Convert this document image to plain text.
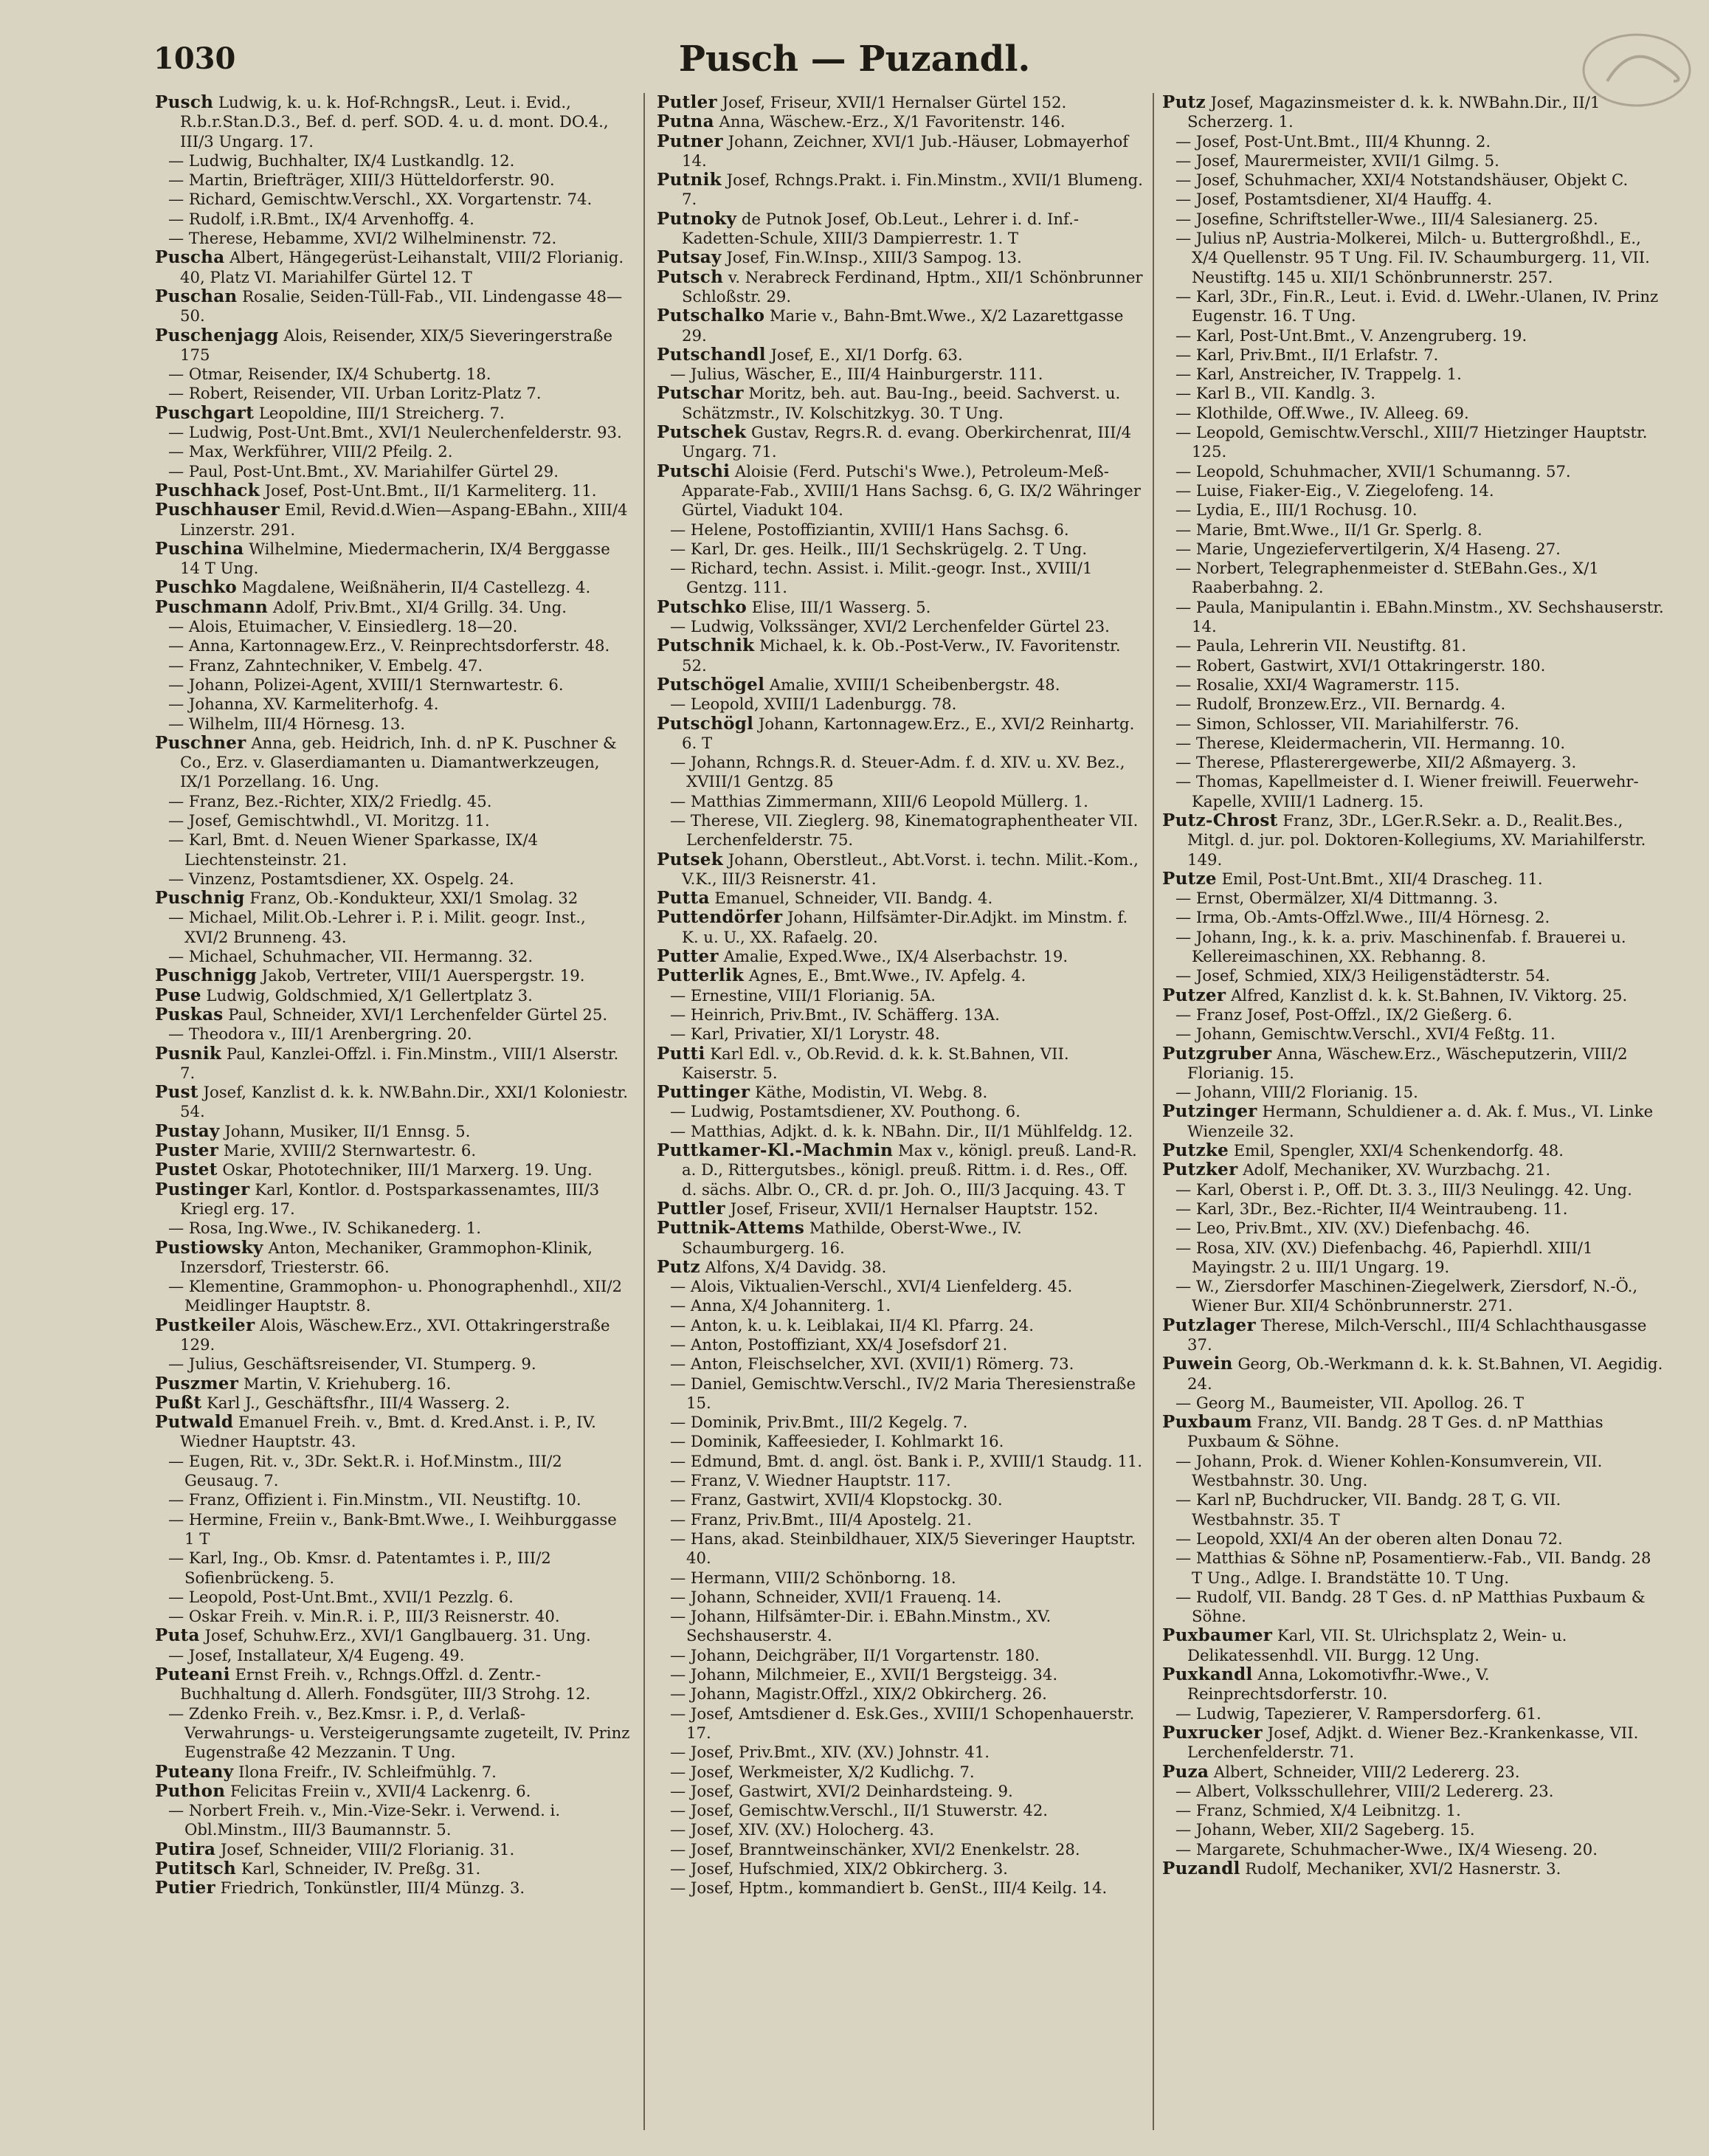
1030	Pusch — Puzandl.

Pusch Ludwig, k. u. k. Hof-RchngsR., Leut. i. Evid., R.b.r.Stan.D.3., Bef. d. perf. SOD. 4. u. d. mont. DO.4., III/3 Ungarg. 17.

— Ludwig, Buchhalter, IX/4 Lustkandlg. 12.

— Martin, Briefträger, XIII/3 Hütteldorferstr. 90.

— Richard, Gemischtw.Verschl., XX. Vorgartenstr. 74.

— Rudolf, i.R.Bmt., IX/4 Arvenhoffg. 4.

— Therese, Hebamme, XVI/2 Wilhelminenstr. 72.

Puscha Albert, Hängegerüst-Leihanstalt, VIII/2 Florianig. 40, Platz VI. Mariahilfer Gürtel 12. T

Puschan Rosalie, Seiden-Tüll-Fab., VII. Lindengasse 48—50.

Puschenjagg Alois, Reisender, XIX/5 Sieveringerstraße 175

— Otmar, Reisender, IX/4 Schubertg. 18.

— Robert, Reisender, VII. Urban Loritz-Platz 7.

Puschgart Leopoldine, III/1 Streicherg. 7.

— Ludwig, Post-Unt.Bmt., XVI/1 Neulerchenfelderstr. 93.

— Max, Werkführer, VIII/2 Pfeilg. 2.

— Paul, Post-Unt.Bmt., XV. Mariahilfer Gürtel 29.

Puschhack Josef, Post-Unt.Bmt., II/1 Karmeliterg. 11.

Puschhauser Emil, Revid.d.Wien—Aspang-EBahn., XIII/4 Linzerstr. 291.

Puschina Wilhelmine, Miedermacherin, IX/4 Berggasse 14 T Ung.

Puschko Magdalene, Weißnäherin, II/4 Castellezg. 4.

Puschmann Adolf, Priv.Bmt., XI/4 Grillg. 34. Ung.

— Alois, Etuimacher, V. Einsiedlerg. 18—20.

— Anna, Kartonnagew.Erz., V. Reinprechtsdorferstr. 48.

— Franz, Zahntechniker, V. Embelg. 47.

— Johann, Polizei-Agent, XVIII/1 Sternwartestr. 6.

— Johanna, XV. Karmeliterhofg. 4.

— Wilhelm, III/4 Hörnesg. 13.

Puschner Anna, geb. Heidrich, Inh. d. nP K. Puschner & Co., Erz. v. Glaserdiamanten u. Diamantwerkzeugen, IX/1 Porzellang. 16. Ung.

— Franz, Bez.-Richter, XIX/2 Friedlg. 45.

— Josef, Gemischtwhdl., VI. Moritzg. 11.

— Karl, Bmt. d. Neuen Wiener Sparkasse, IX/4 Liechtensteinstr. 21.

— Vinzenz, Postamtsdiener, XX. Ospelg. 24.

Puschnig Franz, Ob.-Kondukteur, XXI/1 Smolag. 32

— Michael, Milit.Ob.-Lehrer i. P. i. Milit. geogr. Inst., XVI/2 Brunneng. 43.

— Michael, Schuhmacher, VII. Hermanng. 32.

Puschnigg Jakob, Vertreter, VIII/1 Auerspergstr. 19.

Puse Ludwig, Goldschmied, X/1 Gellertplatz 3.

Puskas Paul, Schneider, XVI/1 Lerchenfelder Gürtel 25.

— Theodora v., III/1 Arenbergring. 20.

Pusnik Paul, Kanzlei-Offzl. i. Fin.Minstm., VIII/1 Alserstr. 7.

Pust Josef, Kanzlist d. k. k. NW.Bahn.Dir., XXI/1 Koloniestr. 54.

Pustay Johann, Musiker, II/1 Ennsg. 5.

Puster Marie, XVIII/2 Sternwartestr. 6.

Pustet Oskar, Phototechniker, III/1 Marxerg. 19. Ung.

Pustinger Karl, Kontlor. d. Postsparkassenamtes, III/3 Kriegl erg. 17.

— Rosa, Ing.Wwe., IV. Schikanederg. 1.

Pustiowsky Anton, Mechaniker, Grammophon-Klinik, Inzersdorf, Triesterstr. 66.

— Klementine, Grammophon- u. Phonographenhdl., XII/2 Meidlinger Hauptstr. 8.

Pustkeiler Alois, Wäschew.Erz., XVI. Ottakringerstraße 129.

— Julius, Geschäftsreisender, VI. Stumperg. 9.

Puszmer Martin, V. Kriehuberg. 16.

Pußt Karl J., Geschäftsfhr., III/4 Wasserg. 2.

Putwald Emanuel Freih. v., Bmt. d. Kred.Anst. i. P., IV. Wiedner Hauptstr. 43.

— Eugen, Rit. v., 3Dr. Sekt.R. i. Hof.Minstm., III/2 Geusaug. 7.

— Franz, Offizient i. Fin.Minstm., VII. Neustiftg. 10.

— Hermine, Freiin v., Bank-Bmt.Wwe., I. Weihburggasse 1 T

— Karl, Ing., Ob. Kmsr. d. Patentamtes i. P., III/2 Sofienbrückeng. 5.

— Leopold, Post-Unt.Bmt., XVII/1 Pezzlg. 6.

— Oskar Freih. v. Min.R. i. P., III/3 Reisnerstr. 40.

Puta Josef, Schuhw.Erz., XVI/1 Ganglbauerg. 31. Ung.

— Josef, Installateur, X/4 Eugeng. 49.

Puteani Ernst Freih. v., Rchngs.Offzl. d. Zentr.-Buchhaltung d. Allerh. Fondsgüter, III/3 Strohg. 12.

— Zdenko Freih. v., Bez.Kmsr. i. P., d. Verlaß-Verwahrungs- u. Versteigerungsamte zugeteilt, IV. Prinz Eugenstraße 42 Mezzanin. T Ung.

Puteany Ilona Freifr., IV. Schleifmühlg. 7.

Puthon Felicitas Freiin v., XVII/4 Lackenrg. 6.

— Norbert Freih. v., Min.-Vize-Sekr. i. Verwend. i. Obl.Minstm., III/3 Baumannstr. 5.

Putira Josef, Schneider, VIII/2 Florianig. 31.

Putitsch Karl, Schneider, IV. Preßg. 31.

Putier Friedrich, Tonkünstler, III/4 Münzg. 3.

Putler Josef, Friseur, XVII/1 Hernalser Gürtel 152.

Putna Anna, Wäschew.-Erz., X/1 Favoritenstr. 146.

Putner Johann, Zeichner, XVI/1 Jub.-Häuser, Lobmayerhof 14.

Putnik Josef, Rchngs.Prakt. i. Fin.Minstm., XVII/1 Blumeng. 7.

Putnoky de Putnok Josef, Ob.Leut., Lehrer i. d. Inf.-Kadetten-Schule, XIII/3 Dampierrestr. 1. T

Putsay Josef, Fin.W.Insp., XIII/3 Sampog. 13.

Putsch v. Nerabreck Ferdinand, Hptm., XII/1 Schönbrunner Schloßstr. 29.

Putschalko Marie v., Bahn-Bmt.Wwe., X/2 Lazarettgasse 29.

Putschandl Josef, E., XI/1 Dorfg. 63.

— Julius, Wäscher, E., III/4 Hainburgerstr. 111.

Putschar Moritz, beh. aut. Bau-Ing., beeid. Sachverst. u. Schätzmstr., IV. Kolschitzkyg. 30. T Ung.

Putschek Gustav, Regrs.R. d. evang. Oberkirchenrat, III/4 Ungarg. 71.

Putschi Aloisie (Ferd. Putschi's Wwe.), Petroleum-Meß-Apparate-Fab., XVIII/1 Hans Sachsg. 6, G. IX/2 Währinger Gürtel, Viadukt 104.

— Helene, Postoffiziantin, XVIII/1 Hans Sachsg. 6.

— Karl, Dr. ges. Heilk., III/1 Sechskrügelg. 2. T Ung.

— Richard, techn. Assist. i. Milit.-geogr. Inst., XVIII/1 Gentzg. 111.

Putschko Elise, III/1 Wasserg. 5.

— Ludwig, Volkssänger, XVI/2 Lerchenfelder Gürtel 23.

Putschnik Michael, k. k. Ob.-Post-Verw., IV. Favoritenstr. 52.

Putschögel Amalie, XVIII/1 Scheibenbergstr. 48.

— Leopold, XVIII/1 Ladenburgg. 78.

Putschögl Johann, Kartonnagew.Erz., E., XVI/2 Reinhartg. 6. T

— Johann, Rchngs.R. d. Steuer-Adm. f. d. XIV. u. XV. Bez., XVIII/1 Gentzg. 85

— Matthias Zimmermann, XIII/6 Leopold Müllerg. 1.

— Therese, VII. Zieglerg. 98, Kinematographentheater VII. Lerchenfelderstr. 75.

Putsek Johann, Oberstleut., Abt.Vorst. i. techn. Milit.-Kom., V.K., III/3 Reisnerstr. 41.

Putta Emanuel, Schneider, VII. Bandg. 4.

Puttendörfer Johann, Hilfsämter-Dir.Adjkt. im Minstm. f. K. u. U., XX. Rafaelg. 20.

Putter Amalie, Exped.Wwe., IX/4 Alserbachstr. 19.

Putterlik Agnes, E., Bmt.Wwe., IV. Apfelg. 4.

— Ernestine, VIII/1 Florianig. 5A.

— Heinrich, Priv.Bmt., IV. Schäfferg. 13A.

— Karl, Privatier, XI/1 Lorystr. 48.

Putti Karl Edl. v., Ob.Revid. d. k. k. St.Bahnen, VII. Kaiserstr. 5.

Puttinger Käthe, Modistin, VI. Webg. 8.

— Ludwig, Postamtsdiener, XV. Pouthong. 6.

— Matthias, Adjkt. d. k. k. NBahn. Dir., II/1 Mühlfeldg. 12.

Puttkamer-Kl.-Machmin Max v., königl. preuß. Land-R. a. D., Rittergutsbes., königl. preuß. Rittm. i. d. Res., Off. d. sächs. Albr. O., CR. d. pr. Joh. O., III/3 Jacquing. 43. T

Puttler Josef, Friseur, XVII/1 Hernalser Hauptstr. 152.

Puttnik-Attems Mathilde, Oberst-Wwe., IV. Schaumburgerg. 16.

Putz Alfons, X/4 Davidg. 38.

— Alois, Viktualien-Verschl., XVI/4 Lienfelderg. 45.

— Anna, X/4 Johanniterg. 1.

— Anton, k. u. k. Leiblakai, II/4 Kl. Pfarrg. 24.

— Anton, Postoffiziant, XX/4 Josefsdorf 21.

— Anton, Fleischselcher, XVI. (XVII/1) Römerg. 73.

— Daniel, Gemischtw.Verschl., IV/2 Maria Theresienstraße 15.

— Dominik, Priv.Bmt., III/2 Kegelg. 7.

— Dominik, Kaffeesieder, I. Kohlmarkt 16.

— Edmund, Bmt. d. angl. öst. Bank i. P., XVIII/1 Staudg. 11.

— Franz, V. Wiedner Hauptstr. 117.

— Franz, Gastwirt, XVII/4 Klopstockg. 30.

— Franz, Priv.Bmt., III/4 Apostelg. 21.

— Hans, akad. Steinbildhauer, XIX/5 Sieveringer Hauptstr. 40.

— Hermann, VIII/2 Schönborng. 18.

— Johann, Schneider, XVII/1 Frauenq. 14.

— Johann, Hilfsämter-Dir. i. EBahn.Minstm., XV. Sechshauserstr. 4.

— Johann, Deichgräber, II/1 Vorgartenstr. 180.

— Johann, Milchmeier, E., XVII/1 Bergsteigg. 34.

— Johann, Magistr.Offzl., XIX/2 Obkircherg. 26.

— Josef, Amtsdiener d. Esk.Ges., XVIII/1 Schopenhauerstr. 17.

— Josef, Priv.Bmt., XIV. (XV.) Johnstr. 41.

— Josef, Werkmeister, X/2 Kudlichg. 7.

— Josef, Gastwirt, XVI/2 Deinhardsteing. 9.

— Josef, Gemischtw.Verschl., II/1 Stuwerstr. 42.

— Josef, XIV. (XV.) Holocherg. 43.

— Josef, Branntweinschänker, XVI/2 Enenkelstr. 28.

— Josef, Hufschmied, XIX/2 Obkircherg. 3.

— Josef, Hptm., kommandiert b. GenSt., III/4 Keilg. 14.

Putz Josef, Magazinsmeister d. k. k. NWBahn.Dir., II/1 Scherzerg. 1.

— Josef, Post-Unt.Bmt., III/4 Khunng. 2.

— Josef, Maurermeister, XVII/1 Gilmg. 5.

— Josef, Schuhmacher, XXI/4 Notstandshäuser, Objekt C.

— Josef, Postamtsdiener, XI/4 Hauffg. 4.

— Josefine, Schriftsteller-Wwe., III/4 Salesianerg. 25.

— Julius nP, Austria-Molkerei, Milch- u. Buttergroßhdl., E., X/4 Quellenstr. 95 T Ung. Fil. IV. Schaumburgerg. 11, VII. Neustiftg. 145 u. XII/1 Schönbrunnerstr. 257.

— Karl, 3Dr., Fin.R., Leut. i. Evid. d. LWehr.-Ulanen, IV. Prinz Eugenstr. 16. T Ung.

— Karl, Post-Unt.Bmt., V. Anzengruberg. 19.

— Karl, Priv.Bmt., II/1 Erlafstr. 7.

— Karl, Anstreicher, IV. Trappelg. 1.

— Karl B., VII. Kandlg. 3.

— Klothilde, Off.Wwe., IV. Alleeg. 69.

— Leopold, Gemischtw.Verschl., XIII/7 Hietzinger Hauptstr. 125.

— Leopold, Schuhmacher, XVII/1 Schumanng. 57.

— Luise, Fiaker-Eig., V. Ziegelofeng. 14.

— Lydia, E., III/1 Rochusg. 10.

— Marie, Bmt.Wwe., II/1 Gr. Sperlg. 8.

— Marie, Ungeziefervertilgerin, X/4 Haseng. 27.

— Norbert, Telegraphenmeister d. StEBahn.Ges., X/1 Raaberbahng. 2.

— Paula, Manipulantin i. EBahn.Minstm., XV. Sechshauserstr. 14.

— Paula, Lehrerin VII. Neustiftg. 81.

— Robert, Gastwirt, XVI/1 Ottakringerstr. 180.

— Rosalie, XXI/4 Wagramerstr. 115.

— Rudolf, Bronzew.Erz., VII. Bernardg. 4.

— Simon, Schlosser, VII. Mariahilferstr. 76.

— Therese, Kleidermacherin, VII. Hermanng. 10.

— Therese, Pflasterergewerbe, XII/2 Aßmayerg. 3.

— Thomas, Kapellmeister d. I. Wiener freiwill. Feuerwehr-Kapelle, XVIII/1 Ladnerg. 15.

Putz-Chrost Franz, 3Dr., LGer.R.Sekr. a. D., Realit.Bes., Mitgl. d. jur. pol. Doktoren-Kollegiums, XV. Mariahilferstr. 149.

Putze Emil, Post-Unt.Bmt., XII/4 Drascheg. 11.

— Ernst, Obermälzer, XI/4 Dittmanng. 3.

— Irma, Ob.-Amts-Offzl.Wwe., III/4 Hörnesg. 2.

— Johann, Ing., k. k. a. priv. Maschinenfab. f. Brauerei u. Kellereimaschinen, XX. Rebhanng. 8.

— Josef, Schmied, XIX/3 Heiligenstädterstr. 54.

Putzer Alfred, Kanzlist d. k. k. St.Bahnen, IV. Viktorg. 25.

— Franz Josef, Post-Offzl., IX/2 Gießerg. 6.

— Johann, Gemischtw.Verschl., XVI/4 Feßtg. 11.

Putzgruber Anna, Wäschew.Erz., Wäscheputzerin, VIII/2 Florianig. 15.

— Johann, VIII/2 Florianig. 15.

Putzinger Hermann, Schuldiener a. d. Ak. f. Mus., VI. Linke Wienzeile 32.

Putzke Emil, Spengler, XXI/4 Schenkendorfg. 48.

Putzker Adolf, Mechaniker, XV. Wurzbachg. 21.

— Karl, Oberst i. P., Off. Dt. 3. 3., III/3 Neulingg. 42. Ung.

— Karl, 3Dr., Bez.-Richter, II/4 Weintraubeng. 11.

— Leo, Priv.Bmt., XIV. (XV.) Diefenbachg. 46.

— Rosa, XIV. (XV.) Diefenbachg. 46, Papierhdl. XIII/1 Mayingstr. 2 u. III/1 Ungarg. 19.

— W., Ziersdorfer Maschinen-Ziegelwerk, Ziersdorf, N.-Ö., Wiener Bur. XII/4 Schönbrunnerstr. 271.

Putzlager Therese, Milch-Verschl., III/4 Schlachthausgasse 37.

Puwein Georg, Ob.-Werkmann d. k. k. St.Bahnen, VI. Aegidig. 24.

— Georg M., Baumeister, VII. Apollog. 26. T

Puxbaum Franz, VII. Bandg. 28 T Ges. d. nP Matthias Puxbaum & Söhne.

— Johann, Prok. d. Wiener Kohlen-Konsumverein, VII. Westbahnstr. 30. Ung.

— Karl nP, Buchdrucker, VII. Bandg. 28 T, G. VII. Westbahnstr. 35. T

— Leopold, XXI/4 An der oberen alten Donau 72.

— Matthias & Söhne nP, Posamentierw.-Fab., VII. Bandg. 28 T Ung., Adlge. I. Brandstätte 10. T Ung.

— Rudolf, VII. Bandg. 28 T Ges. d. nP Matthias Puxbaum & Söhne.

Puxbaumer Karl, VII. St. Ulrichsplatz 2, Wein- u. Delikatessenhdl. VII. Burgg. 12 Ung.

Puxkandl Anna, Lokomotivfhr.-Wwe., V. Reinprechtsdorferstr. 10.

— Ludwig, Tapezierer, V. Rampersdorferg. 61.

Puxrucker Josef, Adjkt. d. Wiener Bez.-Krankenkasse, VII. Lerchenfelderstr. 71.

Puza Albert, Schneider, VIII/2 Ledererg. 23.

— Albert, Volksschullehrer, VIII/2 Ledererg. 23.

— Franz, Schmied, X/4 Leibnitzg. 1.

— Johann, Weber, XII/2 Sageberg. 15.

— Margarete, Schuhmacher-Wwe., IX/4 Wieseng. 20.

Puzandl Rudolf, Mechaniker, XVI/2 Hasnerstr. 3.
